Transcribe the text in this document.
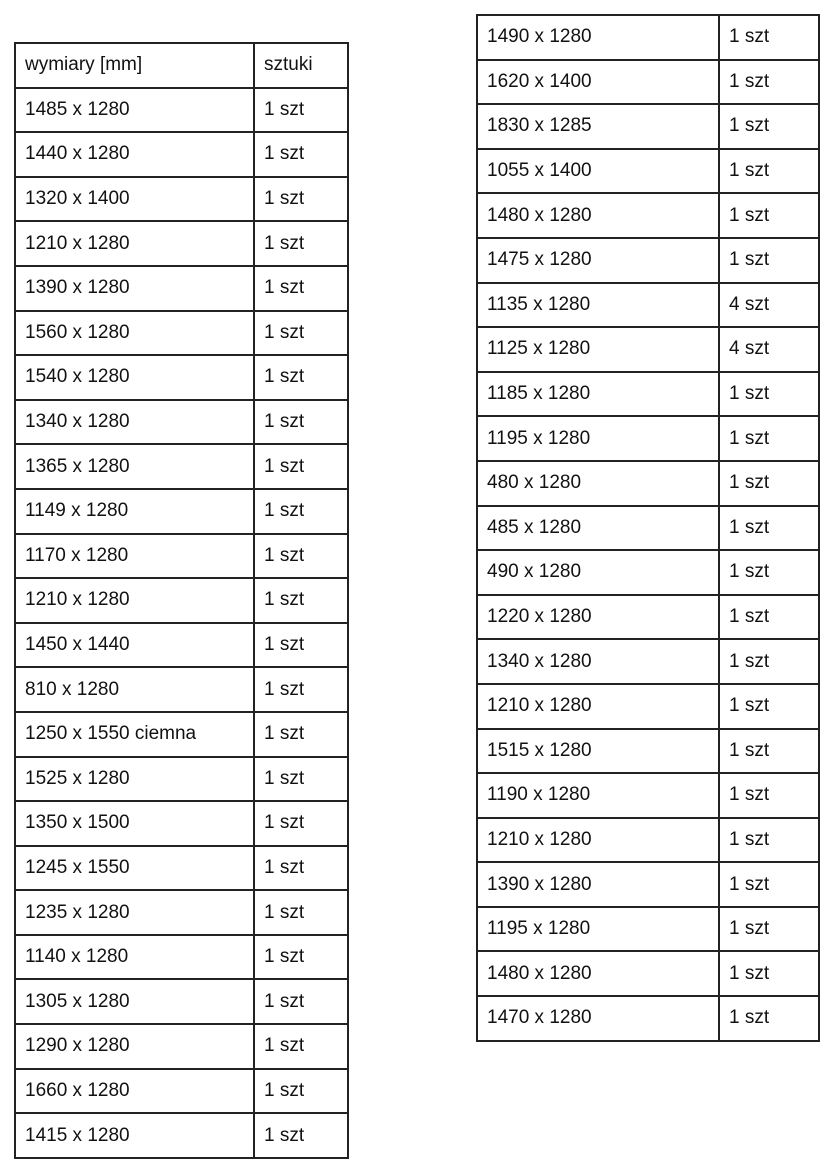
wymiary [mm]	sztuki
1485 x 1280	1 szt
1440 x 1280	1 szt
1320 x 1400	1 szt
1210 x 1280	1 szt
1390 x 1280	1 szt
1560 x 1280	1 szt
1540 x 1280	1 szt
1340 x 1280	1 szt
1365 x 1280	1 szt
1149 x 1280	1 szt
1170 x 1280	1 szt
1210 x 1280	1 szt
1450 x 1440	1 szt
810 x 1280	1 szt
1250 x 1550 ciemna	1 szt
1525 x 1280	1 szt
1350 x 1500	1 szt
1245 x 1550	1 szt
1235 x 1280	1 szt
1140 x 1280	1 szt
1305 x 1280	1 szt
1290 x 1280	1 szt
1660 x 1280	1 szt
1415 x 1280	1 szt
1490 x 1280	1 szt
1620 x 1400	1 szt
1830 x 1285	1 szt
1055 x 1400	1 szt
1480 x 1280	1 szt
1475 x 1280	1 szt
1135 x 1280	4 szt
1125 x 1280	4 szt
1185 x 1280	1 szt
1195 x 1280	1 szt
480 x 1280	1 szt
485 x 1280	1 szt
490 x 1280	1 szt
1220 x 1280	1 szt
1340 x 1280	1 szt
1210 x 1280	1 szt
1515 x 1280	1 szt
1190 x 1280	1 szt
1210 x 1280	1 szt
1390 x 1280	1 szt
1195 x 1280	1 szt
1480 x 1280	1 szt
1470 x 1280	1 szt
